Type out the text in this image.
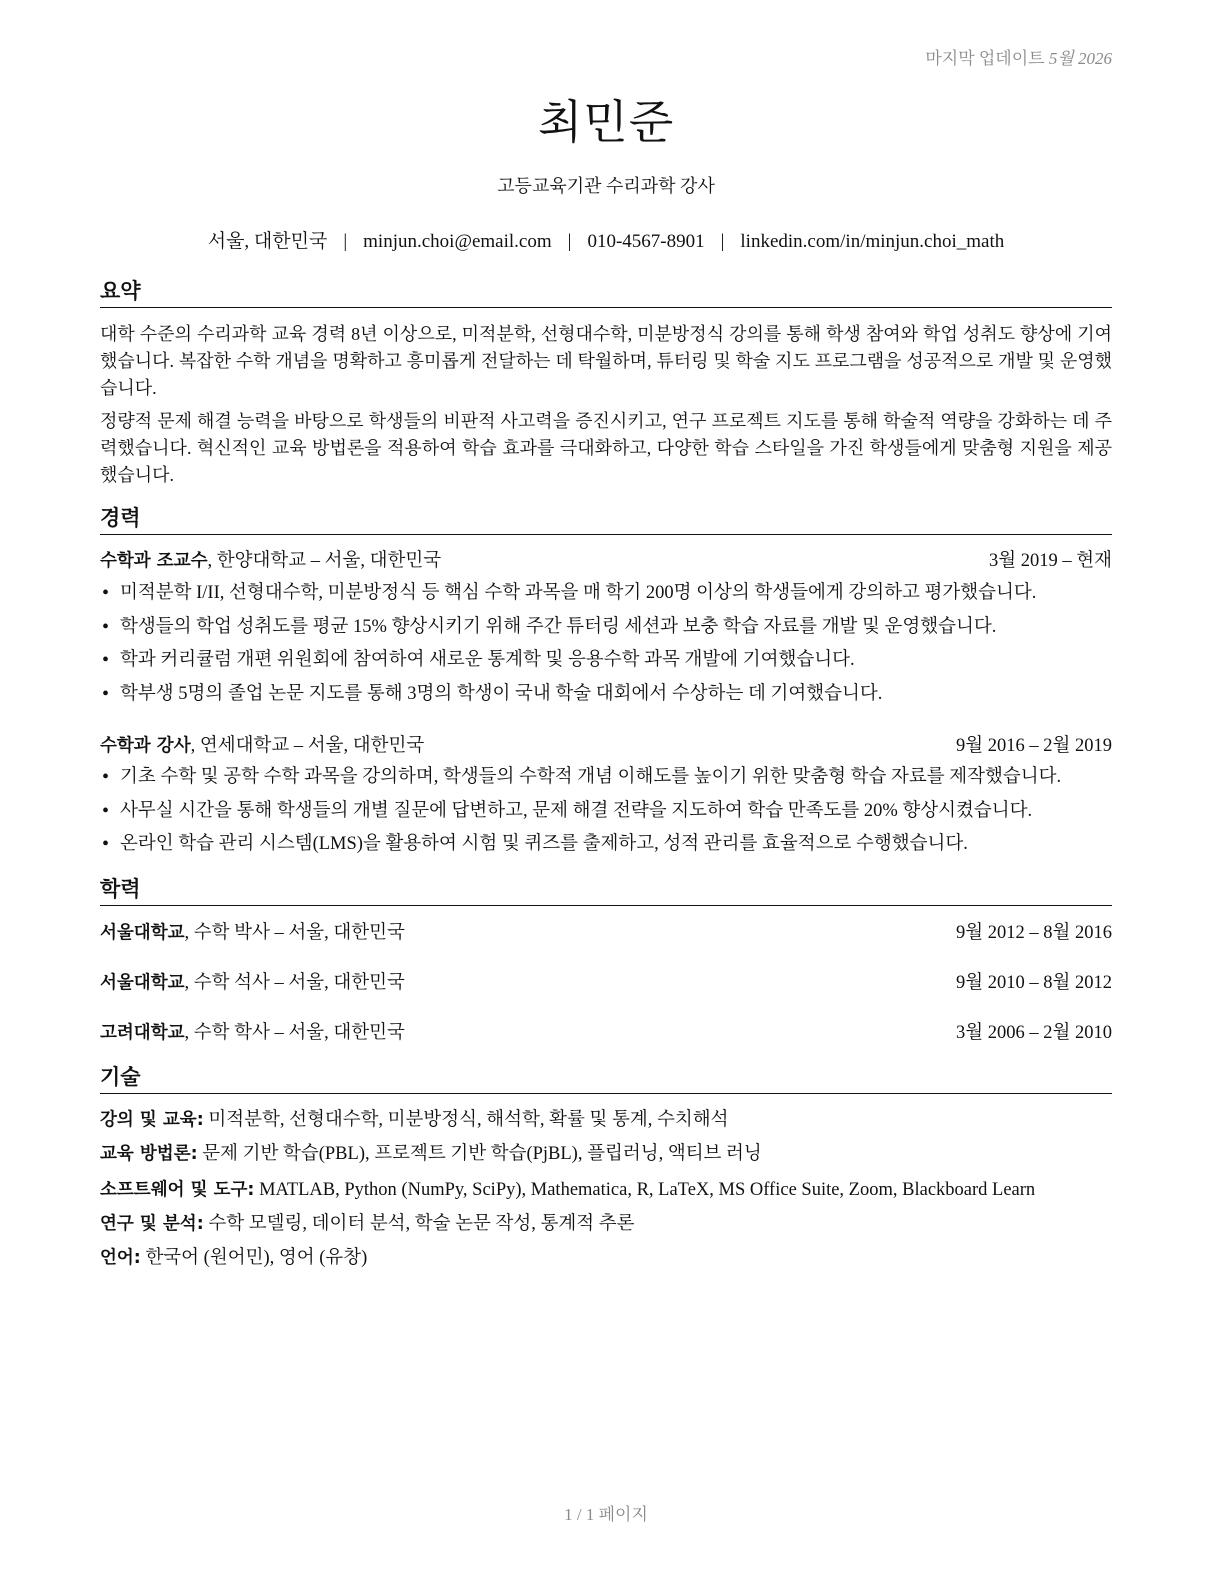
마지막 업데이트 5월 2026
최민준
고등교육기관 수리과학 강사
서울, 대한민국 | minjun.choi@email.com | 010-4567-8901 | linkedin.com/in/minjun.choi_math
요약
대학 수준의 수리과학 교육 경력 8년 이상으로, 미적분학, 선형대수학, 미분방정식 강의를 통해 학생 참여와 학업 성취도 향상에 기여했습니다. 복잡한 수학 개념을 명확하고 흥미롭게 전달하는 데 탁월하며, 튜터링 및 학술 지도 프로그램을 성공적으로 개발 및 운영했습니다.
정량적 문제 해결 능력을 바탕으로 학생들의 비판적 사고력을 증진시키고, 연구 프로젝트 지도를 통해 학술적 역량을 강화하는 데 주력했습니다. 혁신적인 교육 방법론을 적용하여 학습 효과를 극대화하고, 다양한 학습 스타일을 가진 학생들에게 맞춤형 지원을 제공했습니다.
경력
수학과 조교수, 한양대학교 – 서울, 대한민국	3월 2019 – 현재
• 미적분학 I/II, 선형대수학, 미분방정식 등 핵심 수학 과목을 매 학기 200명 이상의 학생들에게 강의하고 평가했습니다.
• 학생들의 학업 성취도를 평균 15% 향상시키기 위해 주간 튜터링 세션과 보충 학습 자료를 개발 및 운영했습니다.
• 학과 커리큘럼 개편 위원회에 참여하여 새로운 통계학 및 응용수학 과목 개발에 기여했습니다.
• 학부생 5명의 졸업 논문 지도를 통해 3명의 학생이 국내 학술 대회에서 수상하는 데 기여했습니다.
수학과 강사, 연세대학교 – 서울, 대한민국	9월 2016 – 2월 2019
• 기초 수학 및 공학 수학 과목을 강의하며, 학생들의 수학적 개념 이해도를 높이기 위한 맞춤형 학습 자료를 제작했습니다.
• 사무실 시간을 통해 학생들의 개별 질문에 답변하고, 문제 해결 전략을 지도하여 학습 만족도를 20% 향상시켰습니다.
• 온라인 학습 관리 시스템(LMS)을 활용하여 시험 및 퀴즈를 출제하고, 성적 관리를 효율적으로 수행했습니다.
학력
서울대학교, 수학 박사 – 서울, 대한민국	9월 2012 – 8월 2016
서울대학교, 수학 석사 – 서울, 대한민국	9월 2010 – 8월 2012
고려대학교, 수학 학사 – 서울, 대한민국	3월 2006 – 2월 2010
기술
강의 및 교육: 미적분학, 선형대수학, 미분방정식, 해석학, 확률 및 통계, 수치해석
교육 방법론: 문제 기반 학습(PBL), 프로젝트 기반 학습(PjBL), 플립러닝, 액티브 러닝
소프트웨어 및 도구: MATLAB, Python (NumPy, SciPy), Mathematica, R, LaTeX, MS Office Suite, Zoom, Blackboard Learn
연구 및 분석: 수학 모델링, 데이터 분석, 학술 논문 작성, 통계적 추론
언어: 한국어 (원어민), 영어 (유창)
1 / 1 페이지
